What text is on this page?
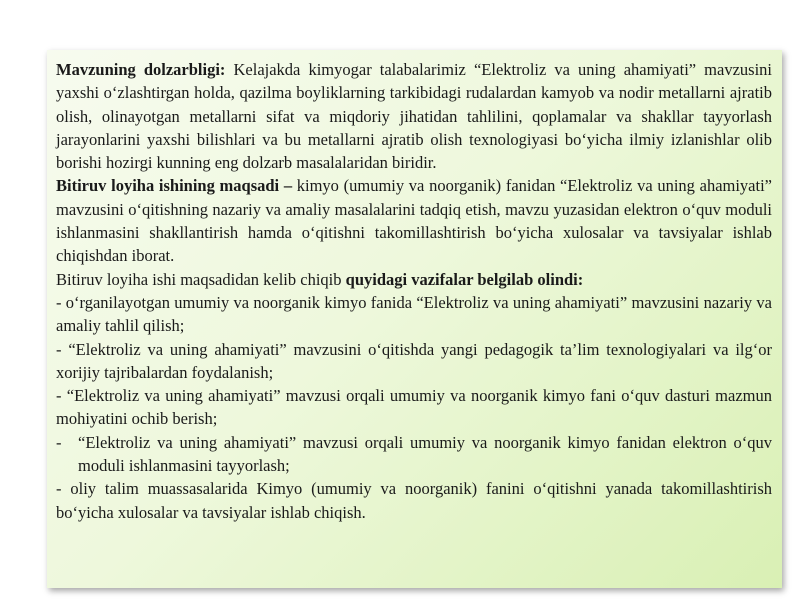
Mavzuning dolzarbligi: Kelajakda kimyogar talabalarimiz “Elektroliz va uning ahamiyati” mavzusini yaxshi o‘zlashtirgan holda, qazilma boyliklarning tarkibidagi rudalardan kamyob va nodir metallarni ajratib olish, olinayotgan metallarni sifat va miqdoriy jihatidan tahlilini, qoplamalar va shakllar tayyorlash jarayonlarini yaxshi bilishlari va bu metallarni ajratib olish texnologiyasi bo‘yicha ilmiy izlanishlar olib borishi hozirgi kunning eng dolzarb masalalaridan biridir.

Bitiruv loyiha ishining maqsadi – kimyo (umumiy va noorganik) fanidan “Elektroliz va uning ahamiyati” mavzusini o‘qitishning nazariy va amaliy masalalarini tadqiq etish, mavzu yuzasidan elektron o‘quv moduli ishlanmasini shakllantirish hamda o‘qitishni takomillashtirish bo‘yicha xulosalar va tavsiyalar ishlab chiqishdan iborat.

Bitiruv loyiha ishi maqsadidan kelib chiqib quyidagi vazifalar belgilab olindi:

- o‘rganilayotgan umumiy va noorganik kimyo fanida “Elektroliz va uning ahamiyati” mavzusini nazariy va amaliy tahlil qilish;

- “Elektroliz va uning ahamiyati” mavzusini o‘qitishda yangi pedagogik ta’lim texnologiyalari va ilg‘or xorijiy tajribalardan foydalanish;

- “Elektroliz va uning ahamiyati” mavzusi orqali umumiy va noorganik kimyo fani o‘quv dasturi mazmun mohiyatini ochib berish;

- “Elektroliz va uning ahamiyati” mavzusi orqali umumiy va noorganik kimyo fanidan elektron o‘quv moduli ishlanmasini tayyorlash;

- oliy talim muassasalarida Kimyo (umumiy va noorganik) fanini o‘qitishni yanada takomillashtirish bo‘yicha xulosalar va tavsiyalar ishlab chiqish.
